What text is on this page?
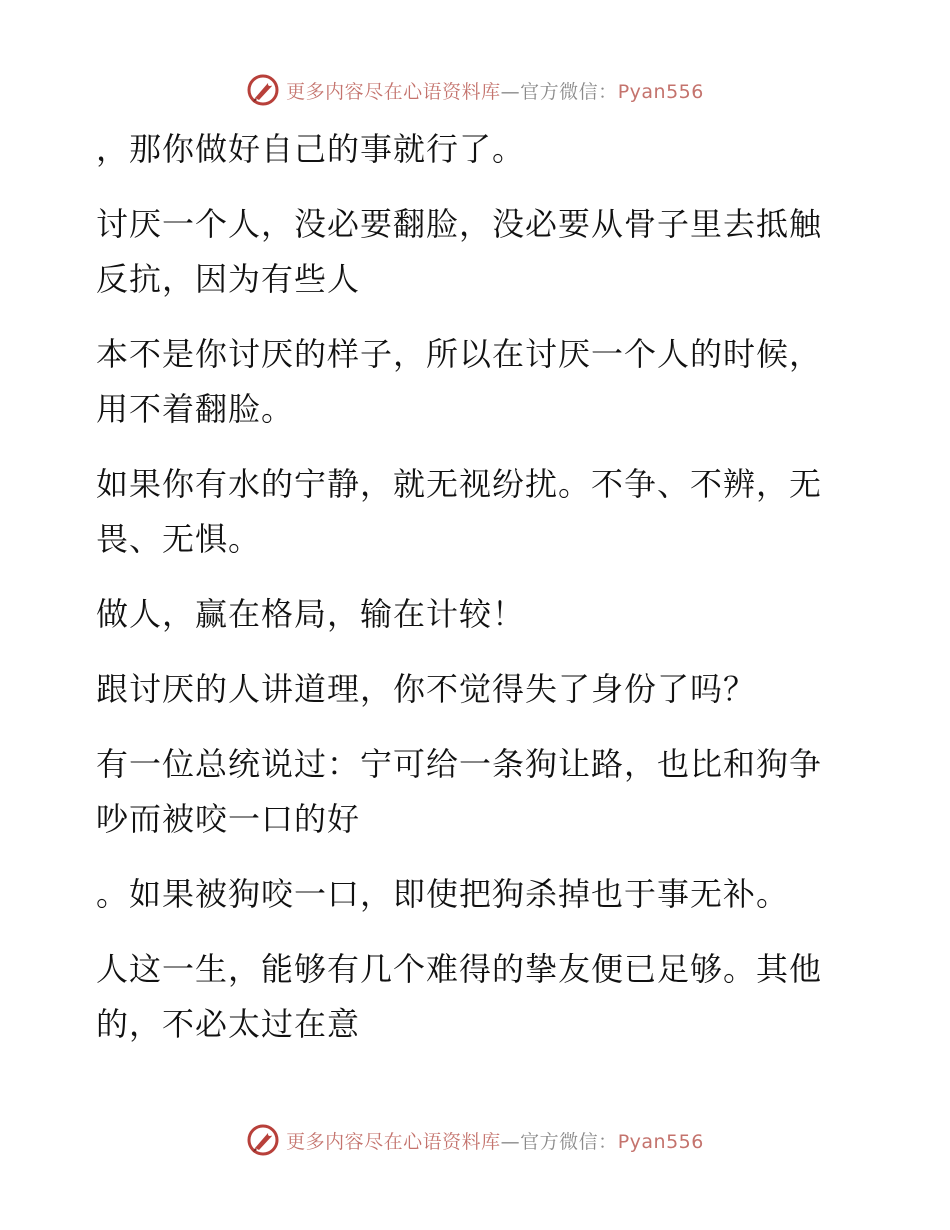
更多内容尽在心语资料库—官方微信：Pyan556

，那你做好自己的事就行了。

讨厌一个人，没必要翻脸，没必要从骨子里去抵触反抗，因为有些人

本不是你讨厌的样子，所以在讨厌一个人的时候，用不着翻脸。

如果你有水的宁静，就无视纷扰。不争、不辨，无畏、无惧。

做人，赢在格局，输在计较！

跟讨厌的人讲道理，你不觉得失了身份了吗？

有一位总统说过：宁可给一条狗让路，也比和狗争吵而被咬一口的好

。如果被狗咬一口，即使把狗杀掉也于事无补。

人这一生，能够有几个难得的挚友便已足够。其他的，不必太过在意

更多内容尽在心语资料库—官方微信：Pyan556
